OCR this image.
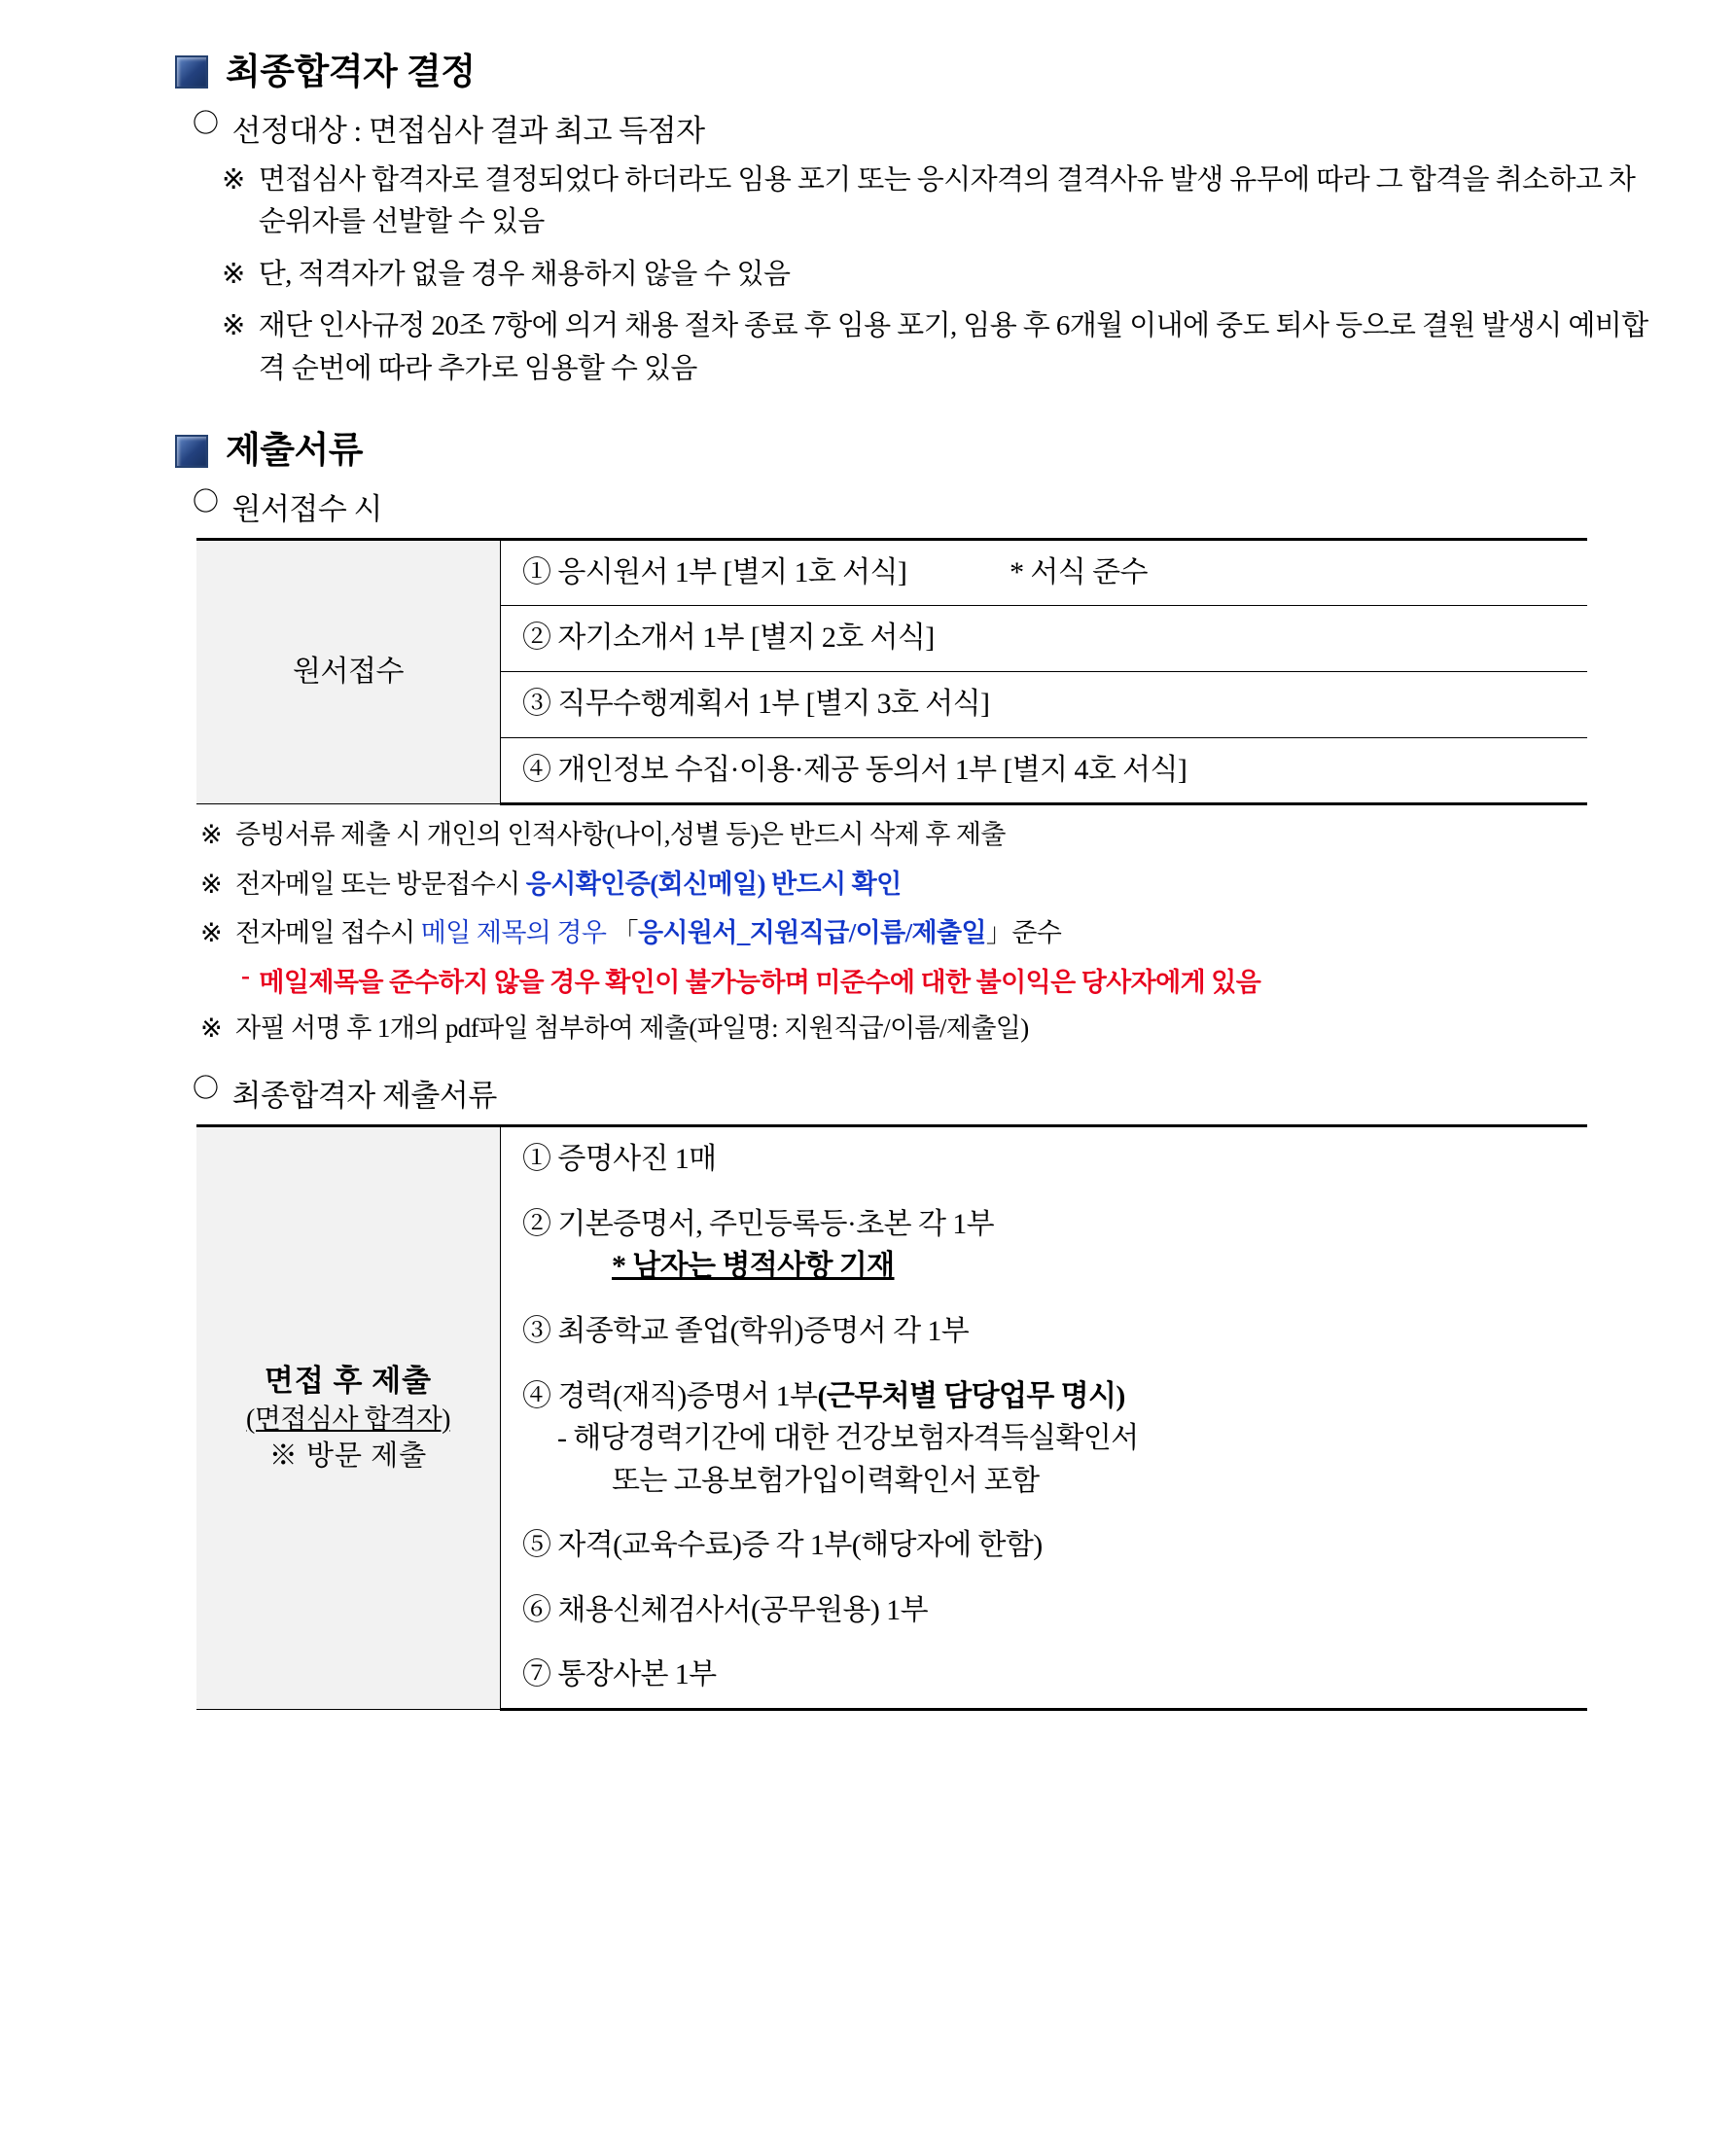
최종합격자 결정
〇 선정대상 : 면접심사 결과 최고 득점자
※ 면접심사 합격자로 결정되었다 하더라도 임용 포기 또는 응시자격의 결격사유 발생 유무에 따라 그 합격을 취소하고 차순위자를 선발할 수 있음
※ 단, 적격자가 없을 경우 채용하지 않을 수 있음
※ 재단 인사규정 20조 7항에 의거 채용 절차 종료 후 임용 포기, 임용 후 6개월 이내에 중도 퇴사 등으로 결원 발생시 예비합격 순번에 따라 추가로 임용할 수 있음
제출서류
〇 원서접수 시
원서접수	
① 응시원서 1부 [별지 1호 서식]	* 서식 준수

② 자기소개서 1부 [별지 2호 서식]

③ 직무수행계획서 1부 [별지 3호 서식]

④ 개인정보 수집·이용·제공 동의서 1부 [별지 4호 서식]
※ 증빙서류 제출 시 개인의 인적사항(나이,성별 등)은 반드시 삭제 후 제출
※ 전자메일 또는 방문접수시 응시확인증(회신메일) 반드시 확인
※ 전자메일 접수시 메일 제목의 경우 「응시원서_지원직급/이름/제출일」준수
- 메일제목을 준수하지 않을 경우 확인이 불가능하며 미준수에 대한 불이익은 당사자에게 있음
※ 자필 서명 후 1개의 pdf파일 첨부하여 제출(파일명: 지원직급/이름/제출일)
〇 최종합격자 제출서류
면접 후 제출
(면접심사 합격자)
※ 방문 제출

① 증명사진 1매

② 기본증명서, 주민등록등·초본 각 1부
* 남자는 병적사항 기재

③ 최종학교 졸업(학위)증명서 각 1부

④ 경력(재직)증명서 1부(근무처별 담당업무 명시)
- 해당경력기간에 대한 건강보험자격득실확인서
또는 고용보험가입이력확인서 포함

⑤ 자격(교육수료)증 각 1부(해당자에 한함)

⑥ 채용신체검사서(공무원용) 1부

⑦ 통장사본 1부
